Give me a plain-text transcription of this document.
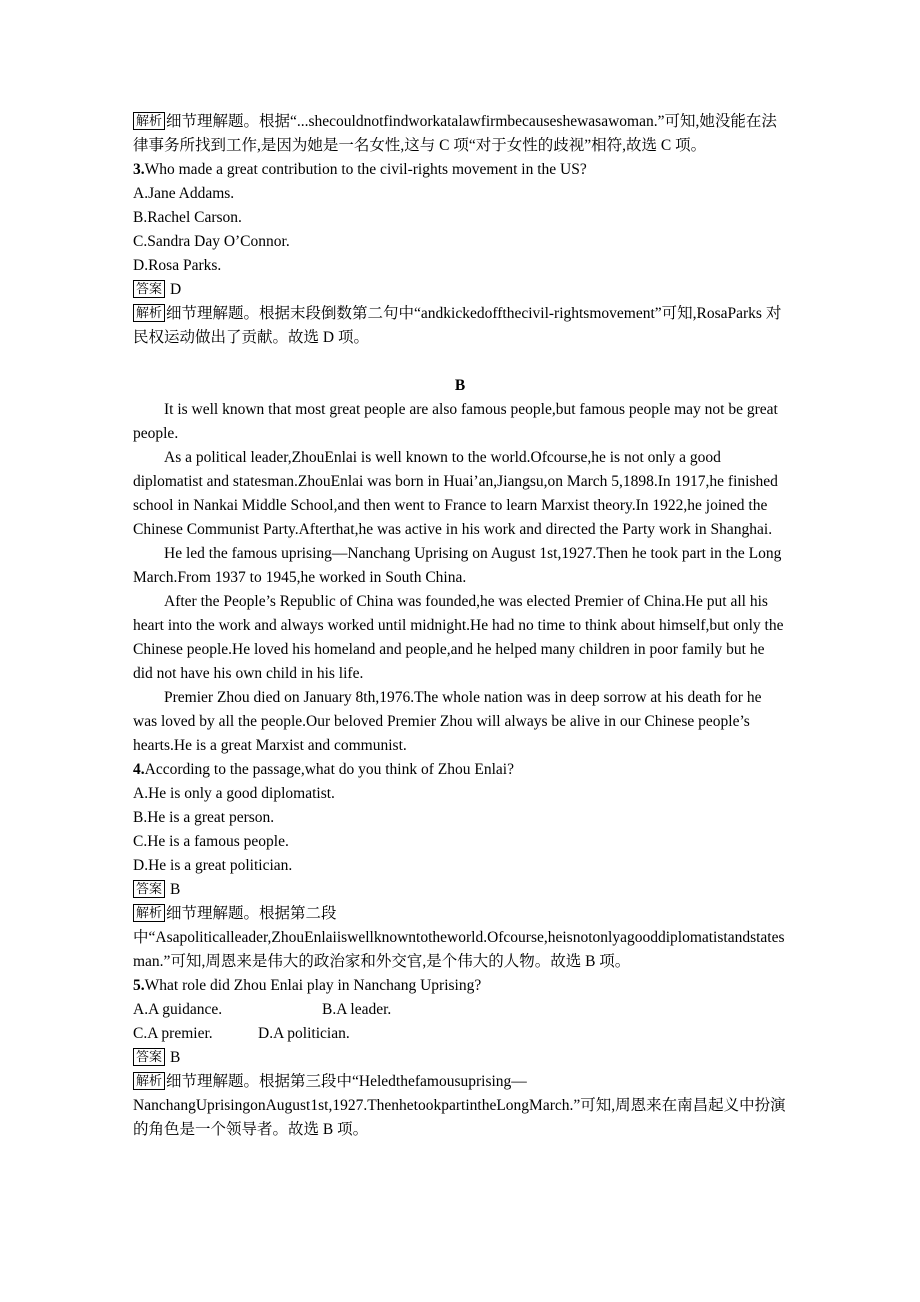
解析 细节理解题。根据“...shecouldnotfindworkatalawfirmbecauseshewasawoman.”可知,她没能在法律事务所找到工作,是因为她是一名女性,这与 C 项“对于女性的歧视”相符,故选 C 项。

3.Who made a great contribution to the civil-rights movement in the US?

A.Jane Addams.

B.Rachel Carson.

C.Sandra Day O’Connor.

D.Rosa Parks.

答案 D

解析 细节理解题。根据末段倒数第二句中“andkickedoffthecivil-rightsmovement”可知,RosaParks 对民权运动做出了贡献。故选 D 项。

B

It is well known that most great people are also famous people,but famous people may not be great people.

As a political leader,ZhouEnlai is well known to the world.Ofcourse,he is not only a good diplomatist and statesman.ZhouEnlai was born in Huai’an,Jiangsu,on March 5,1898.In 1917,he finished school in Nankai Middle School,and then went to France to learn Marxist theory.In 1922,he joined the Chinese Communist Party.Afterthat,he was active in his work and directed the Party work in Shanghai.

He led the famous uprising—Nanchang Uprising on August 1st,1927.Then he took part in the Long March.From 1937 to 1945,he worked in South China.

After the People’s Republic of China was founded,he was elected Premier of China.He put all his heart into the work and always worked until midnight.He had no time to think about himself,but only the Chinese people.He loved his homeland and people,and he helped many children in poor family but he did not have his own child in his life.

Premier Zhou died on January 8th,1976.The whole nation was in deep sorrow at his death for he was loved by all the people.Our beloved Premier Zhou will always be alive in our Chinese people’s hearts.He is a great Marxist and communist.

4.According to the passage,what do you think of Zhou Enlai?

A.He is only a good diplomatist.

B.He is a great person.

C.He is a famous people.

D.He is a great politician.

答案 B

解析 细节理解题。根据第二段中“Asapoliticalleader,ZhouEnlaiiswellknowntotheworld.Ofcourse,heisnotonlyagooddiplomatistandstatesman.”可知,周恩来是伟大的政治家和外交官,是个伟大的人物。故选 B 项。

5.What role did Zhou Enlai play in Nanchang Uprising?

A.A guidance.	B.A leader.

C.A premier.	D.A politician.

答案 B

解析 细节理解题。根据第三段中“Heledthefamousuprising—NanchangUprisingonAugust1st,1927.ThenhetookpartintheLongMarch.”可知,周恩来在南昌起义中扮演的角色是一个领导者。故选 B 项。
